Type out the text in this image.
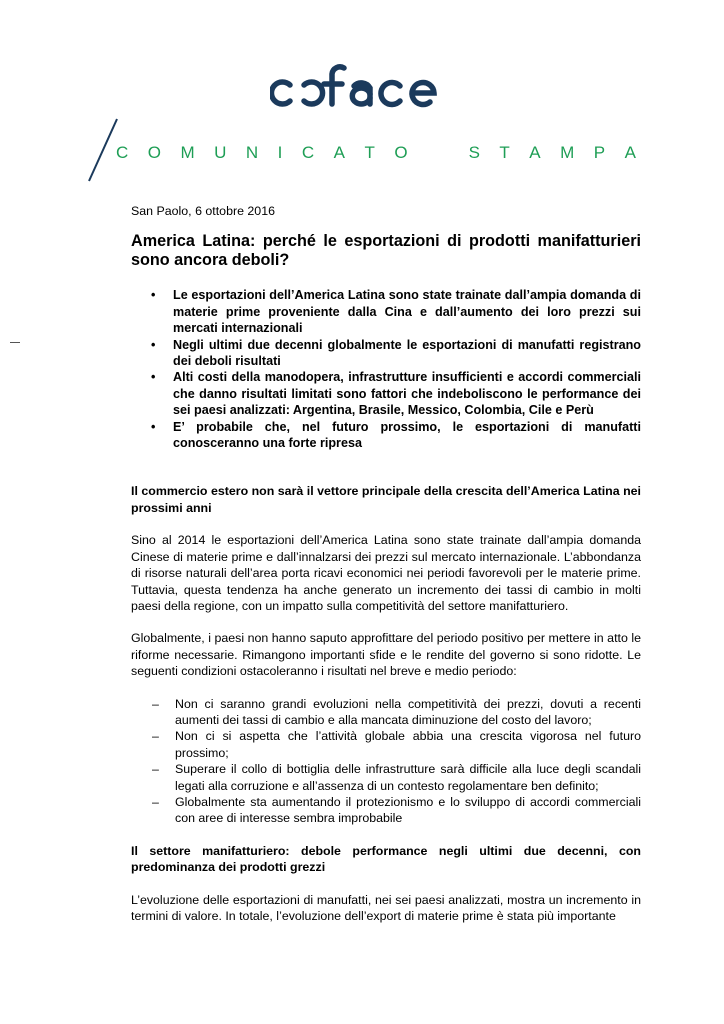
C O M U N I C A T O	S T A M P A

San Paolo, 6 ottobre 2016

America Latina: perché le esportazioni di prodotti manifatturieri sono ancora deboli?
• Le esportazioni dell’America Latina sono state trainate dall’ampia domanda di materie prime proveniente dalla Cina e dall’aumento dei loro prezzi sui mercati internazionali
• Negli ultimi due decenni globalmente le esportazioni di manufatti registrano dei deboli risultati
• Alti costi della manodopera, infrastrutture insufficienti e accordi commerciali che danno risultati limitati sono fattori che indeboliscono le performance dei sei paesi analizzati: Argentina, Brasile, Messico, Colombia, Cile e Perù
• E’ probabile che, nel futuro prossimo, le esportazioni di manufatti conosceranno una forte ripresa

Il commercio estero non sarà il vettore principale della crescita dell’America Latina nei prossimi anni

Sino al 2014 le esportazioni dell’America Latina sono state trainate dall’ampia domanda Cinese di materie prime e dall’innalzarsi dei prezzi sul mercato internazionale. L’abbondanza di risorse naturali dell’area porta ricavi economici nei periodi favorevoli per le materie prime. Tuttavia, questa tendenza ha anche generato un incremento dei tassi di cambio in molti paesi della regione, con un impatto sulla competitività del settore manifatturiero.

Globalmente, i paesi non hanno saputo approfittare del periodo positivo per mettere in atto le riforme necessarie. Rimangono importanti sfide e le rendite del governo si sono ridotte. Le seguenti condizioni ostacoleranno i risultati nel breve e medio periodo:

– Non ci saranno grandi evoluzioni nella competitività dei prezzi, dovuti a recenti aumenti dei tassi di cambio e alla mancata diminuzione del costo del lavoro;
– Non ci si aspetta che l’attività globale abbia una crescita vigorosa nel futuro prossimo;
– Superare il collo di bottiglia delle infrastrutture sarà difficile alla luce degli scandali legati alla corruzione e all’assenza di un contesto regolamentare ben definito;
– Globalmente sta aumentando il protezionismo e lo sviluppo di accordi commerciali con aree di interesse sembra improbabile

Il settore manifatturiero: debole performance negli ultimi due decenni, con predominanza dei prodotti grezzi

L’evoluzione delle esportazioni di manufatti, nei sei paesi analizzati, mostra un incremento in termini di valore. In totale, l’evoluzione dell’export di materie prime è stata più importante
